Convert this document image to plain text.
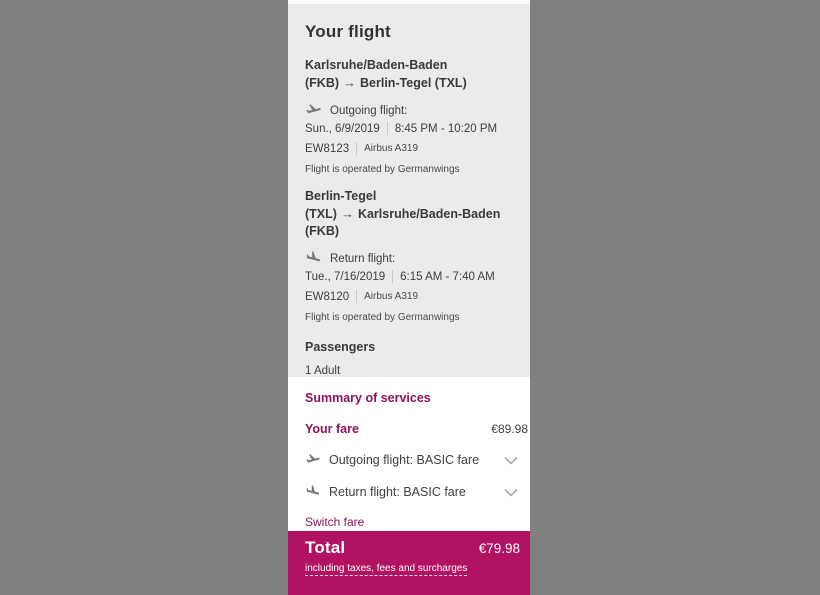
Your flight
Karlsruhe/Baden-Baden (FKB) → Berlin-Tegel (TXL)
Outgoing flight:
Sun., 6/9/2019 8:45 PM - 10:20 PM
EW8123 Airbus A319
Flight is operated by Germanwings
Berlin-Tegel (TXL) → Karlsruhe/Baden-Baden (FKB)
Return flight:
Tue., 7/16/2019 6:15 AM - 7:40 AM
EW8120 Airbus A319
Flight is operated by Germanwings
Passengers
1 Adult
Summary of services
Your fare	€89.98
Outgoing flight: BASIC fare
Return flight: BASIC fare
Switch fare
Total	€79.98
including taxes, fees and surcharges
